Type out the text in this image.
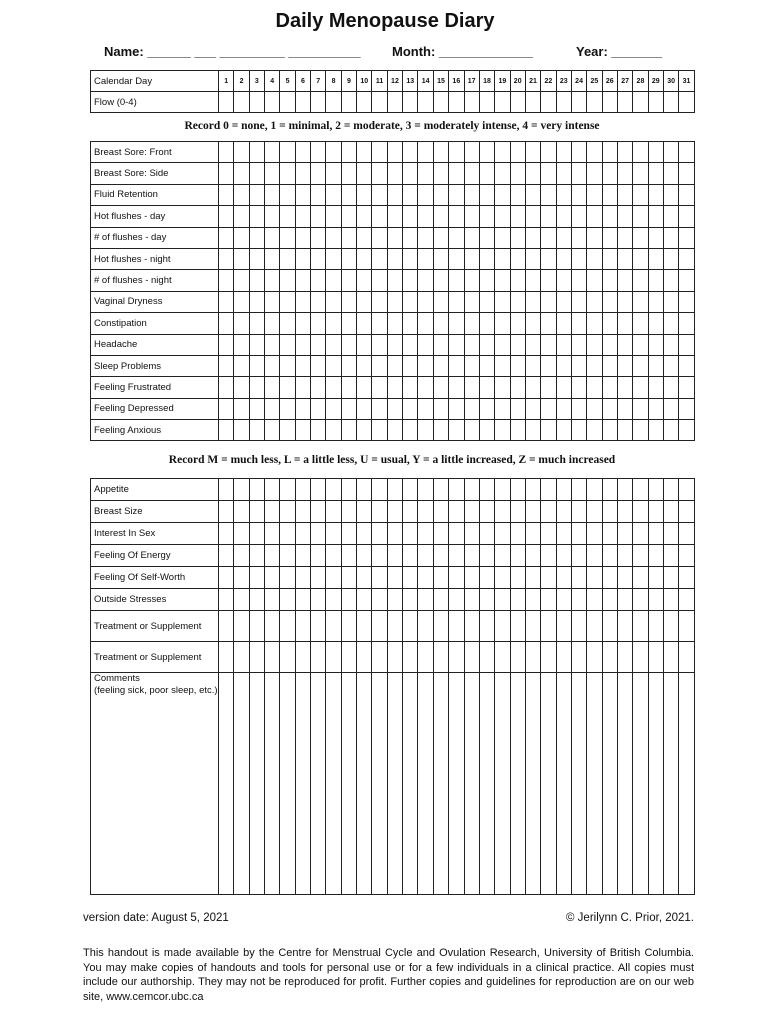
Daily Menopause Diary
Name: ______ ___ _________ __________ Month: _____________	Year: _______
Calendar Day	1	2	3	4	5	6	7	8	9	10	11	12	13	14	15	16	17	18	19	20	21	22	23	24	25	26	27	28	29	30	31
Flow (0-4)																															
Record 0 = none, 1 = minimal, 2 = moderate, 3 = moderately intense, 4 = very intense
Breast Sore: Front																															
Breast Sore: Side																															
Fluid Retention																															
Hot flushes - day																															
# of flushes - day																															
Hot flushes - night																															
# of flushes - night																															
Vaginal Dryness																															
Constipation																															
Headache																															
Sleep Problems																															
Feeling Frustrated																															
Feeling Depressed																															
Feeling Anxious																															
Record M = much less, L = a little less, U = usual, Y = a little increased, Z = much increased
Appetite																															
Breast Size																															
Interest In Sex																															
Feeling Of Energy																															
Feeling Of Self-Worth																															
Outside Stresses																															
Treatment or Supplement																															
Treatment or Supplement																															

Comments
(feeling sick, poor sleep, etc.)																															

version date: August 5, 2021	© Jerilynn C. Prior, 2021.
This handout is made available by the Centre for Menstrual Cycle and Ovulation Research, University of British Columbia. You may make copies of handouts and tools for personal use or for a few individuals in a clinical practice. All copies must include our authorship. They may not be reproduced for profit. Further copies and guidelines for reproduction are on our web site, www.cemcor.ubc.ca
